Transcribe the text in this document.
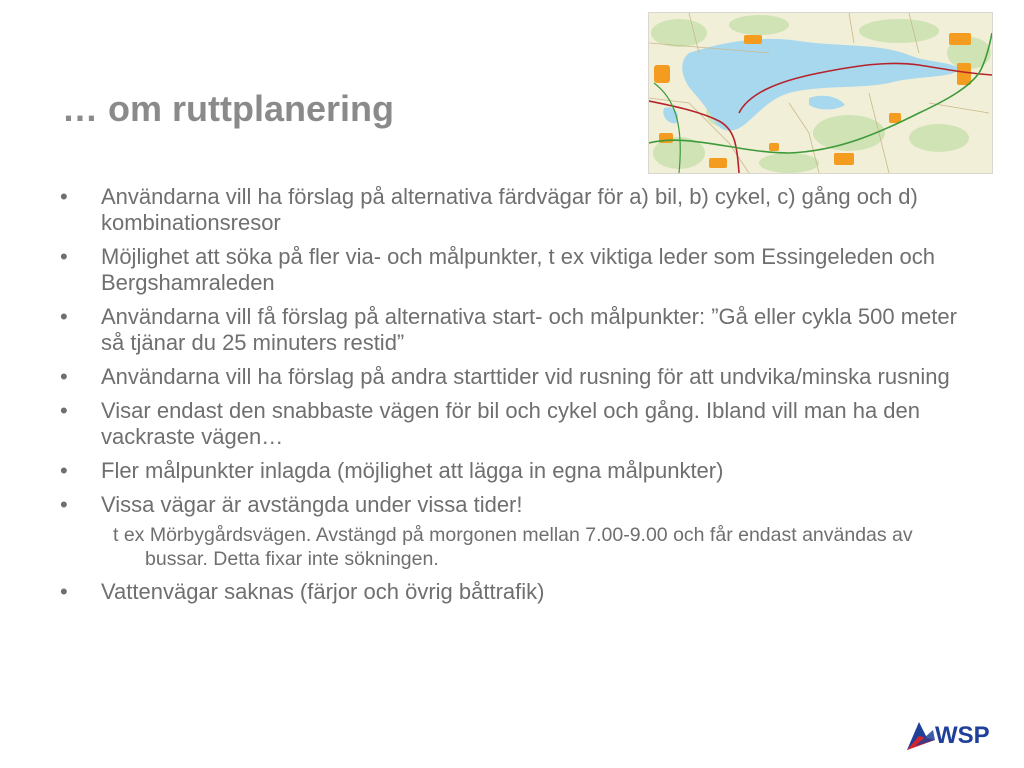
… om ruttplanering
• Användarna vill ha förslag på alternativa färdvägar för a) bil, b) cykel, c) gång och d) kombinationsresor
• Möjlighet att söka på fler via- och målpunkter, t ex viktiga leder som Essingeleden och Bergshamraleden
• Användarna vill få förslag på alternativa start- och målpunkter: ”Gå eller cykla 500 meter så tjänar du 25 minuters restid”
• Användarna vill ha förslag på andra starttider vid rusning för att undvika/minska rusning
• Visar endast den snabbaste vägen för bil och cykel och gång. Ibland vill man ha den vackraste vägen…
• Fler målpunkter inlagda (möjlighet att lägga in egna målpunkter)
• Vissa vägar är avstängda under vissa tider!
t ex Mörbygårdsvägen. Avstängd på morgonen mellan 7.00-9.00 och får endast användas av bussar. Detta fixar inte sökningen.
• Vattenvägar saknas (färjor och övrig båttrafik)
WSP
